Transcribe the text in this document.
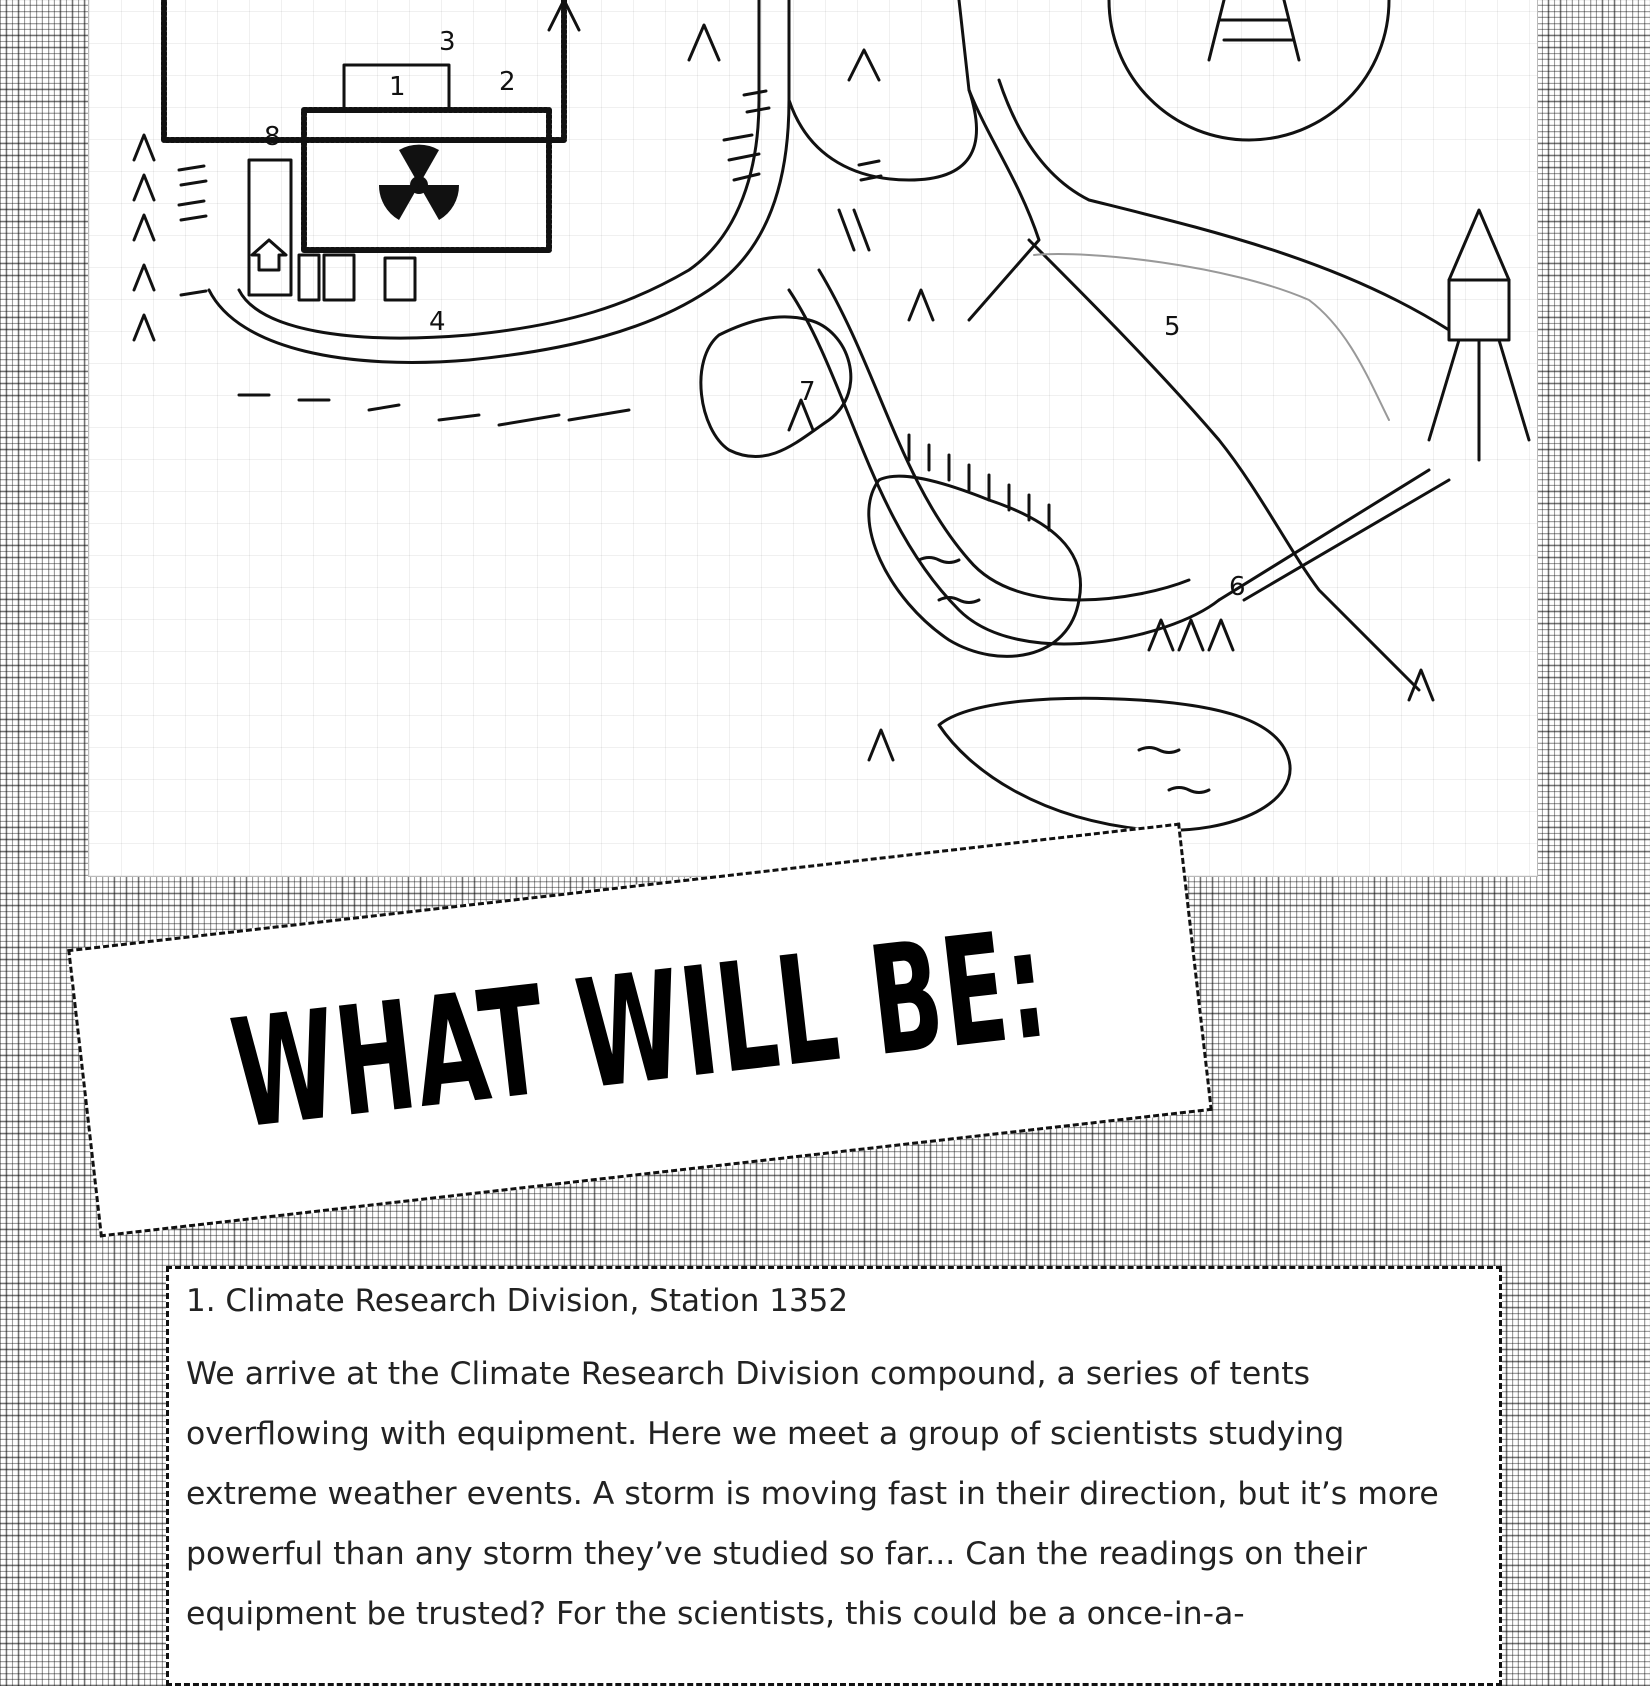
1	2
3
4	5
6
7
8
WHAT WILL BE:
1. Climate Research Division, Station 1352

We arrive at the Climate Research Division compound, a series of tents overflowing with equipment. Here we meet a group of scientists studying extreme weather events. A storm is moving fast in their direction, but it’s more powerful than any storm they’ve studied so far... Can the readings on their equipment be trusted? For the scientists, this could be a once-in-a-
